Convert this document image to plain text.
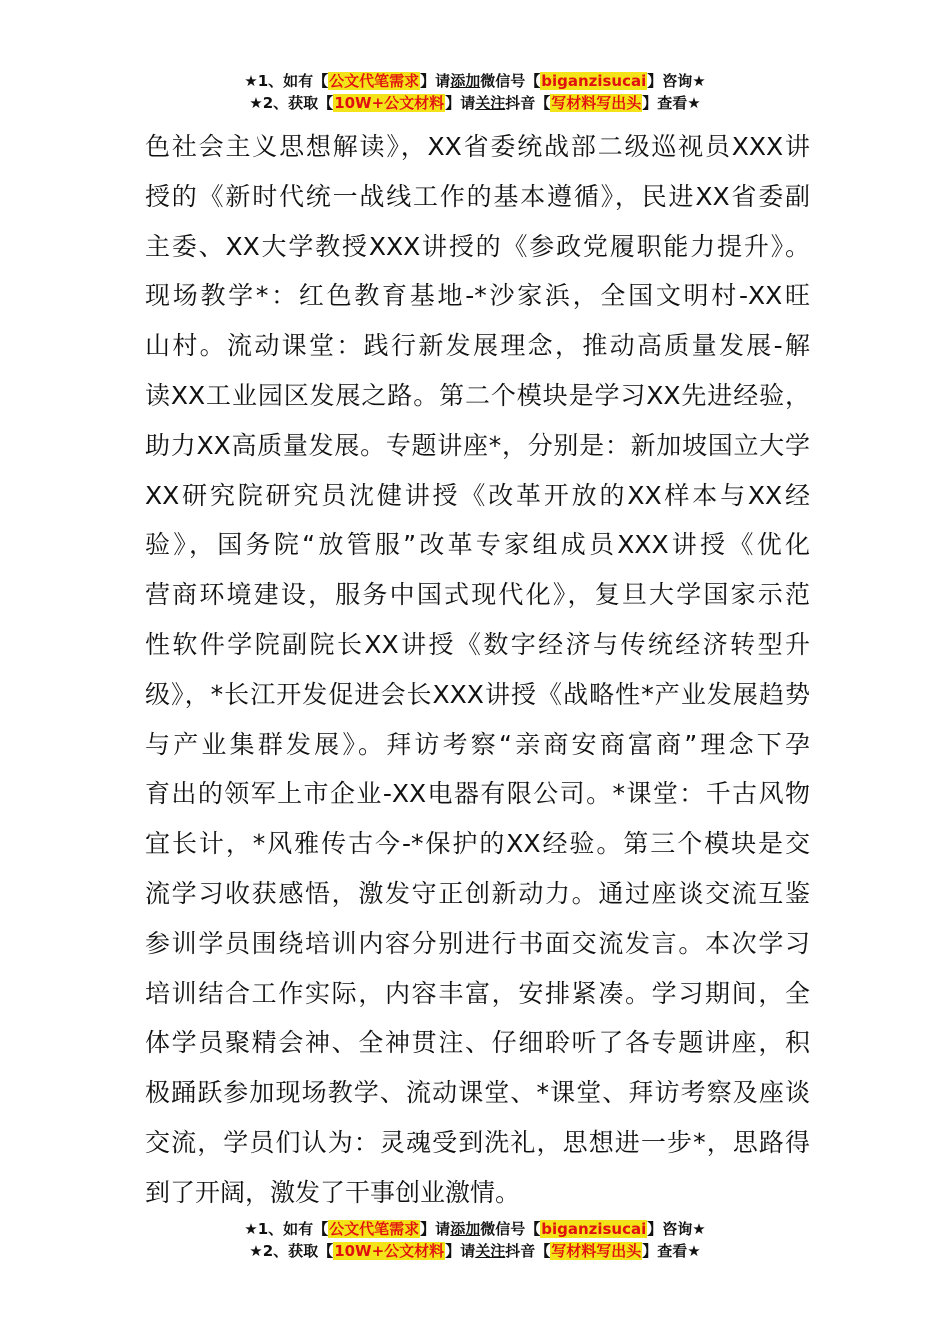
★1、如有【公文代笔需求】请添加微信号【biganzisucai】咨询★
★2、获取【10W+公文材料】请关注抖音【写材料写出头】查看★
色社会主义思想解读》，XX省委统战部二级巡视员XXX讲
授的《新时代统一战线工作的基本遵循》，民进XX省委副
主委、XX大学教授XXX讲授的《参政党履职能力提升》。
现场教学*：红色教育基地-*沙家浜，全国文明村-XX旺
山村。流动课堂：践行新发展理念，推动高质量发展-解
读XX工业园区发展之路。第二个模块是学习XX先进经验，
助力XX高质量发展。专题讲座*，分别是：新加坡国立大学
XX研究院研究员沈健讲授《改革开放的XX样本与XX经
验》，国务院“放管服”改革专家组成员XXX讲授《优化
营商环境建设，服务中国式现代化》，复旦大学国家示范
性软件学院副院长XX讲授《数字经济与传统经济转型升
级》，*长江开发促进会长XXX讲授《战略性*产业发展趋势
与产业集群发展》。拜访考察“亲商安商富商”理念下孕
育出的领军上市企业-XX电器有限公司。*课堂：千古风物
宜长计，*风雅传古今-*保护的XX经验。第三个模块是交
流学习收获感悟，激发守正创新动力。通过座谈交流互鉴
参训学员围绕培训内容分别进行书面交流发言。本次学习
培训结合工作实际，内容丰富，安排紧凑。学习期间，全
体学员聚精会神、全神贯注、仔细聆听了各专题讲座，积
极踊跃参加现场教学、流动课堂、*课堂、拜访考察及座谈
交流，学员们认为：灵魂受到洗礼，思想进一步*，思路得
到了开阔，激发了干事创业激情。
★1、如有【公文代笔需求】请添加微信号【biganzisucai】咨询★
★2、获取【10W+公文材料】请关注抖音【写材料写出头】查看★
